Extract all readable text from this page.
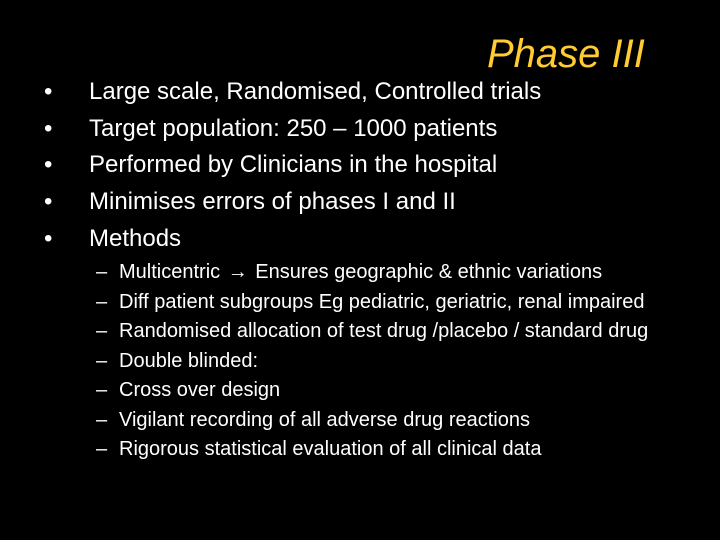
Phase III
•	Large scale, Randomised, Controlled trials
•	Target population: 250 – 1000 patients
•	Performed by Clinicians in the hospital
•	Minimises errors of phases I and II
•	Methods
– Multicentric → Ensures geographic & ethnic variations
– Diff patient subgroups Eg pediatric, geriatric, renal impaired
– Randomised allocation of test drug /placebo / standard drug
– Double blinded:
– Cross over design
– Vigilant recording of all adverse drug reactions
– Rigorous statistical evaluation of all clinical data
